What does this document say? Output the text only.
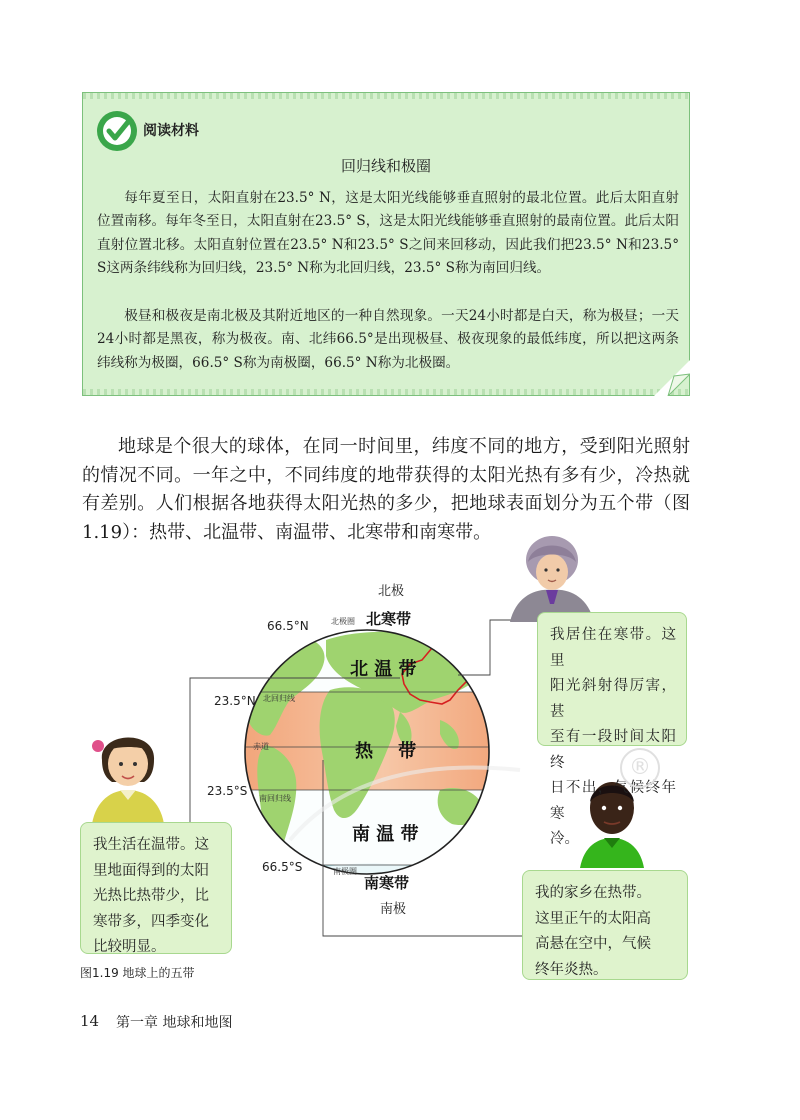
阅读材料
回归线和极圈

每年夏至日，太阳直射在23.5° N，这是太阳光线能够垂直照射的最北位置。此后太阳直射位置南移。每年冬至日，太阳直射在23.5° S，这是太阳光线能够垂直照射的最南位置。此后太阳直射位置北移。太阳直射位置在23.5° N和23.5° S之间来回移动，因此我们把23.5° N和23.5° S这两条纬线称为回归线，23.5° N称为北回归线，23.5° S称为南回归线。

极昼和极夜是南北极及其附近地区的一种自然现象。一天24小时都是白天，称为极昼；一天24小时都是黑夜，称为极夜。南、北纬66.5°是出现极昼、极夜现象的最低纬度，所以把这两条纬线称为极圈，66.5° S称为南极圈，66.5° N称为北极圈。

地球是个很大的球体，在同一时间里，纬度不同的地方，受到阳光照射的情况不同。一年之中，不同纬度的地带获得的太阳光热有多有少，冷热就有差别。人们根据各地获得太阳光热的多少，把地球表面划分为五个带（图1.19）：热带、北温带、南温带、北寒带和南寒带。

北极
南极
66.5°N
23.5°N
23.5°S
66.5°S
北极圈
北回归线
赤道
南回归线
南极圈
北寒带
北 温 带
热    带
南 温 带
南寒带
我居住在寒带。这里
阳光斜射得厉害，甚
至有一段时间太阳终
日不出，气候终年寒
冷。
我生活在温带。这
里地面得到的太阳
光热比热带少，比
寒带多，四季变化
比较明显。
我的家乡在热带。
这里正午的太阳高
高悬在空中，气候
终年炎热。
®
图1.19 地球上的五带
14 第一章 地球和地图
